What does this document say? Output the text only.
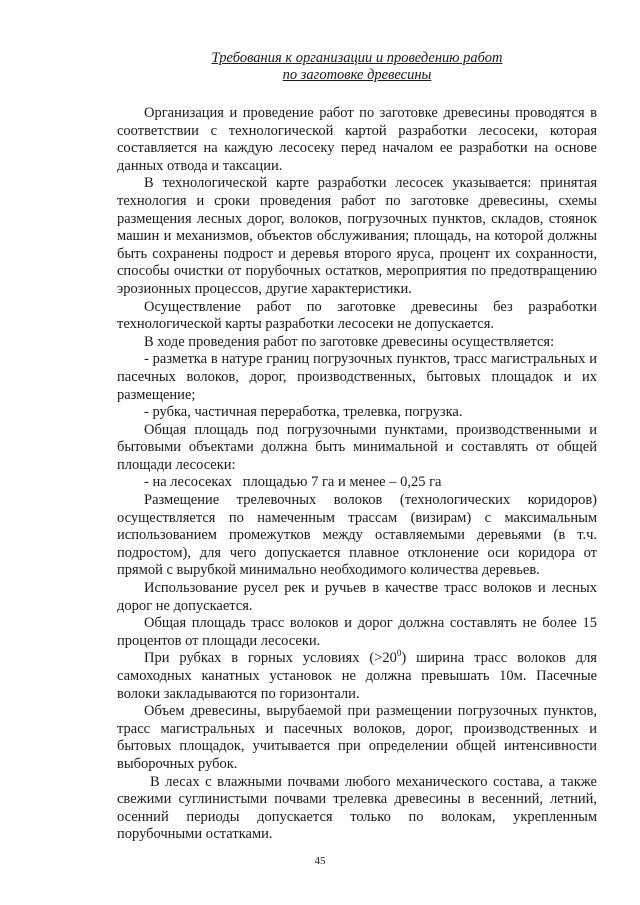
Требования к организации и проведению работ
по заготовке древесины

Организация и проведение работ по заготовке древесины проводятся в соответствии с технологической картой разработки лесосеки, которая составляется на каждую лесосеку перед началом ее разработки на основе данных отвода и таксации.

В технологической карте разработки лесосек указывается: принятая технология и сроки проведения работ по заготовке древесины, схемы размещения лесных дорог, волоков, погрузочных пунктов, складов, стоянок машин и механизмов, объектов обслуживания; площадь, на которой должны быть сохранены подрост и деревья второго яруса, процент их сохранности, способы очистки от порубочных остатков, мероприятия по предотвращению эрозионных процессов, другие характеристики.

Осуществление работ по заготовке древесины без разработки технологической карты разработки лесосеки не допускается.

В ходе проведения работ по заготовке древесины осуществляется:

- разметка в натуре границ погрузочных пунктов, трасс магистральных и пасечных волоков, дорог, производственных, бытовых площадок и их размещение;

- рубка, частичная переработка, трелевка, погрузка.

Общая площадь под погрузочными пунктами, производственными и бытовыми объектами должна быть минимальной и составлять от общей площади лесосеки:

- на лесосеках   площадью 7 га и менее – 0,25 га

Размещение трелевочных волоков (технологических коридоров) осуществляется по намеченным трассам (визирам) с максимальным использованием промежутков между оставляемыми деревьями (в т.ч. подростом), для чего допускается плавное отклонение оси коридора от прямой с вырубкой минимально необходимого количества деревьев.

Использование русел рек и ручьев в качестве трасс волоков и лесных дорог не допускается.

Общая площадь трасс волоков и дорог должна составлять не более 15 процентов от площади лесосеки.

При рубках в горных условиях $(>20^0)$ ширина трасс волоков для самоходных канатных установок не должна превышать 10м. Пасечные волоки закладываются по горизонтали.

Объем древесины, вырубаемой при размещении погрузочных пунктов, трасс магистральных и пасечных волоков, дорог, производственных и бытовых площадок, учитывается при определении общей интенсивности выборочных рубок.

В лесах с влажными почвами любого механического состава, а также свежими суглинистыми почвами трелевка древесины в весенний, летний, осенний периоды допускается только по волокам, укрепленным порубочными остатками.

45
